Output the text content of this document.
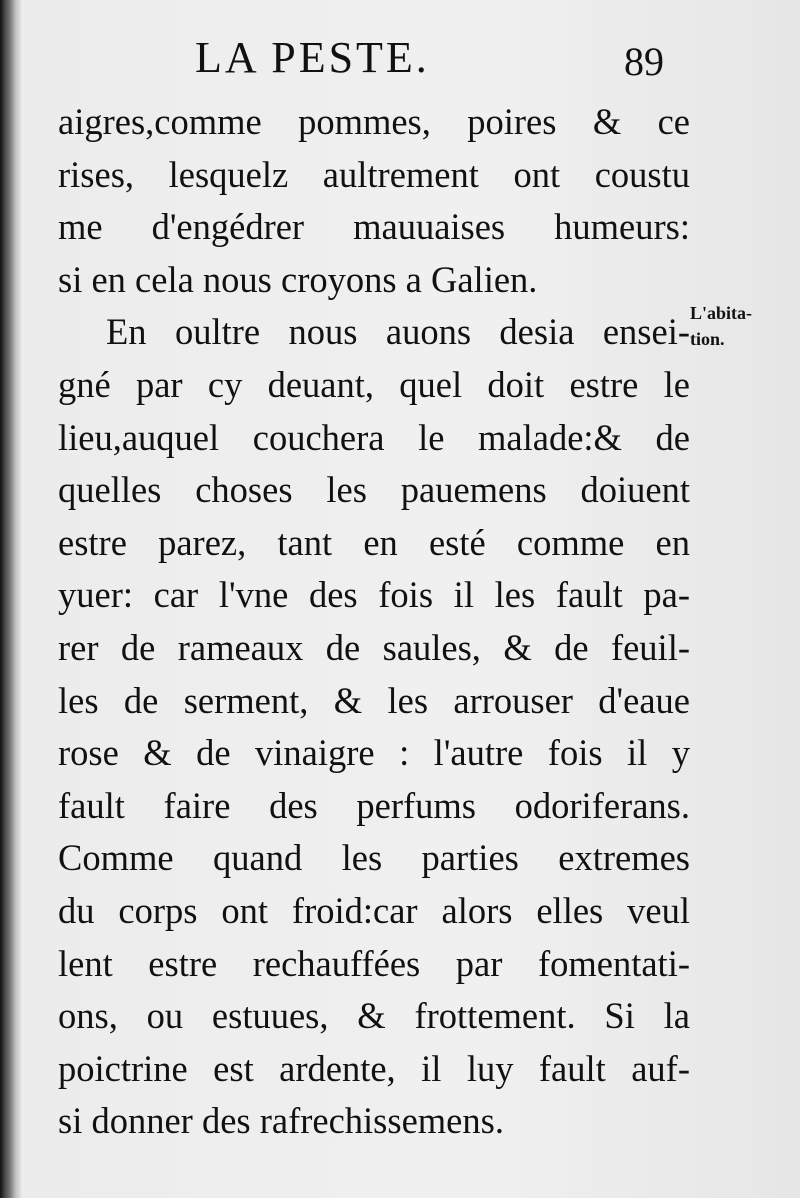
LA PESTE.	89
aigres,comme pommes, poires & ce
rises, lesquelz aultrement ont coustu
me d'engédrer mauuaises humeurs:
si en cela nous croyons a Galien.
En oultre nous auons desia ensei-
gné par cy deuant, quel doit estre le
lieu,auquel couchera le malade:& de
quelles choses les pauemens doiuent
estre parez, tant en esté comme en
yuer: car l'vne des fois il les fault pa-
rer de rameaux de saules, & de feuil-
les de serment, & les arrouser d'eaue
rose & de vinaigre : l'autre fois il y
fault faire des perfums odoriferans.
Comme quand les parties extremes
du corps ont froid:car alors elles veul
lent estre rechauffées par fomentati-
ons, ou estuues, & frottement. Si la
poictrine est ardente, il luy fault auf-
si donner des rafrechissemens.
L'abita-
tion.
